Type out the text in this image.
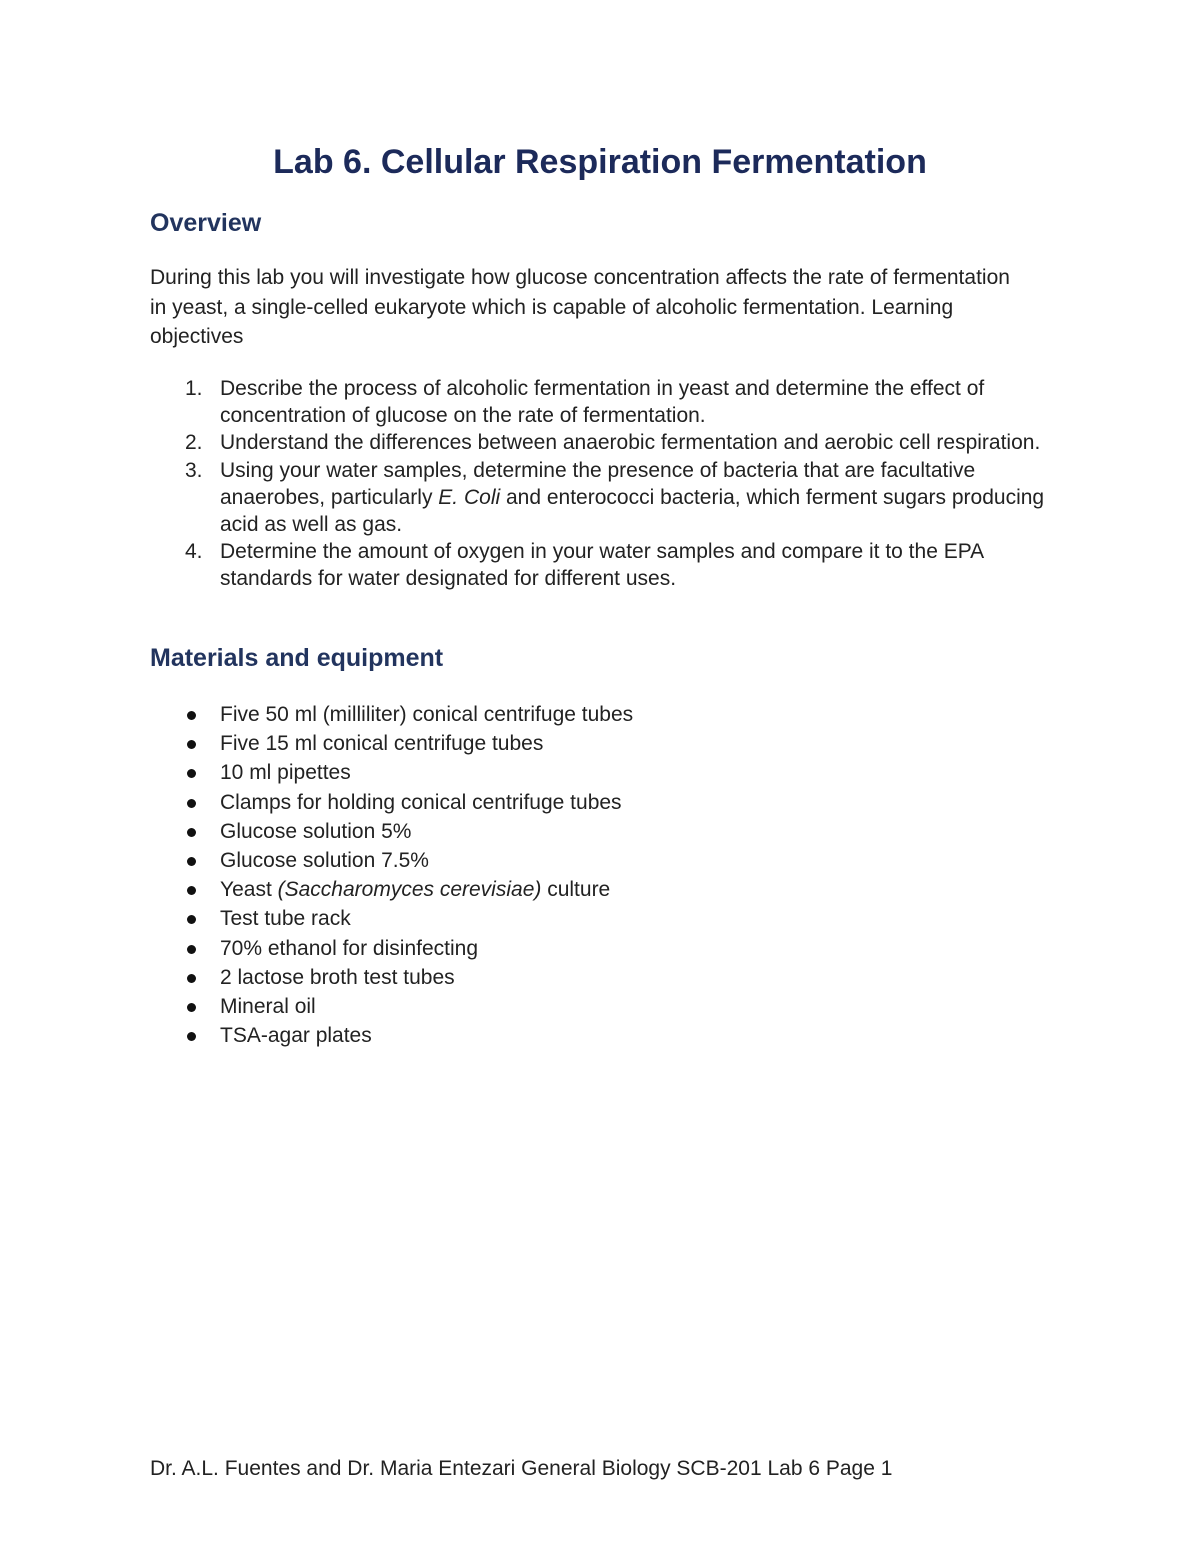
Lab 6. Cellular Respiration Fermentation
Overview

During this lab you will investigate how glucose concentration affects the rate of fermentation in yeast, a single-celled eukaryote which is capable of alcoholic fermentation. Learning objectives

1. Describe the process of alcoholic fermentation in yeast and determine the effect of concentration of glucose on the rate of fermentation.
2. Understand the differences between anaerobic fermentation and aerobic cell respiration.
3. Using your water samples, determine the presence of bacteria that are facultative anaerobes, particularly E. Coli and enterococci bacteria, which ferment sugars producing acid as well as gas.
4. Determine the amount of oxygen in your water samples and compare it to the EPA standards for water designated for different uses.
Materials and equipment
Five 50 ml (milliliter) conical centrifuge tubes
Five 15 ml conical centrifuge tubes
10 ml pipettes
Clamps for holding conical centrifuge tubes
Glucose solution 5%
Glucose solution 7.5%
Yeast (Saccharomyces cerevisiae) culture
Test tube rack
70% ethanol for disinfecting
2 lactose broth test tubes
Mineral oil
TSA-agar plates

Dr. A.L. Fuentes and Dr. Maria Entezari General Biology SCB-201 Lab 6 Page 1
